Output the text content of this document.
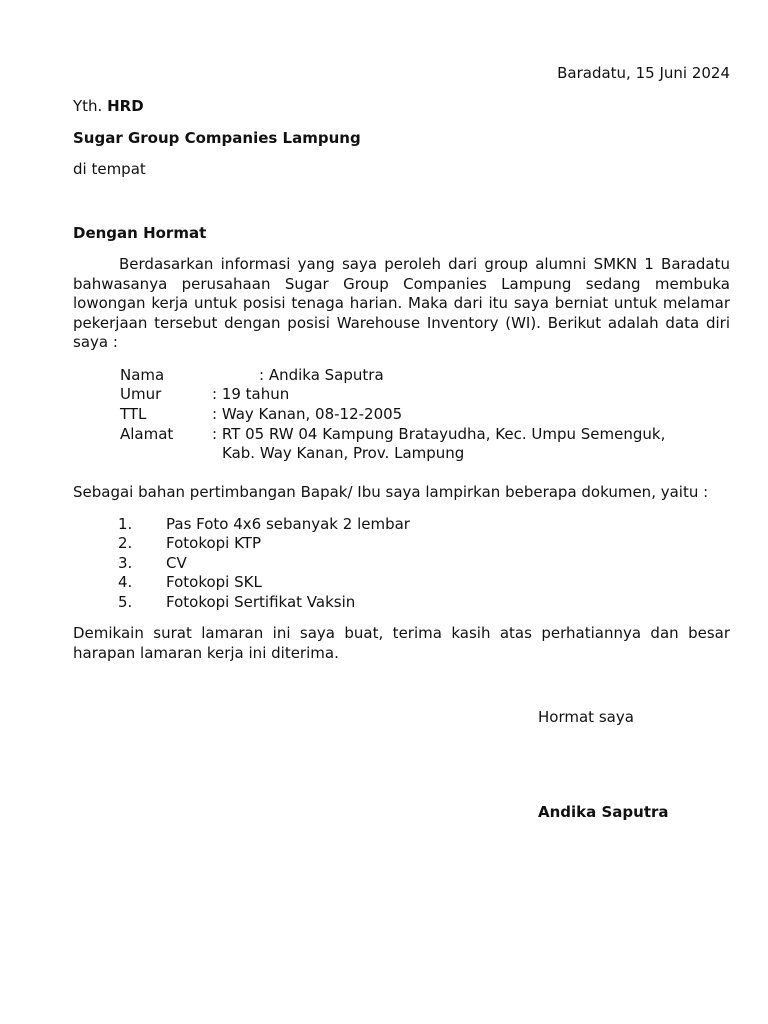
Baradatu, 15 Juni 2024
Yth. HRD
Sugar Group Companies Lampung
di tempat
Dengan Hormat
Berdasarkan informasi yang saya peroleh dari group alumni SMKN 1 Baradatu bahwasanya perusahaan Sugar Group Companies Lampung sedang membuka lowongan kerja untuk posisi tenaga harian. Maka dari itu saya berniat untuk melamar pekerjaan tersebut dengan posisi Warehouse Inventory (WI). Berikut adalah data diri saya :
Nama	: Andika Saputra
Umur	: 19 tahun
TTL	: Way Kanan, 08-12-2005
Alamat	: RT 05 RW 04 Kampung Bratayudha, Kec. Umpu Semenguk,
Kab. Way Kanan, Prov. Lampung
Sebagai bahan pertimbangan Bapak/ Ibu saya lampirkan beberapa dokumen, yaitu :
1. Pas Foto 4x6 sebanyak 2 lembar
2. Fotokopi KTP
3. CV
4. Fotokopi SKL
5. Fotokopi Sertifikat Vaksin
Demikain surat lamaran ini saya buat, terima kasih atas perhatiannya dan besar harapan lamaran kerja ini diterima.
Hormat saya
Andika Saputra
